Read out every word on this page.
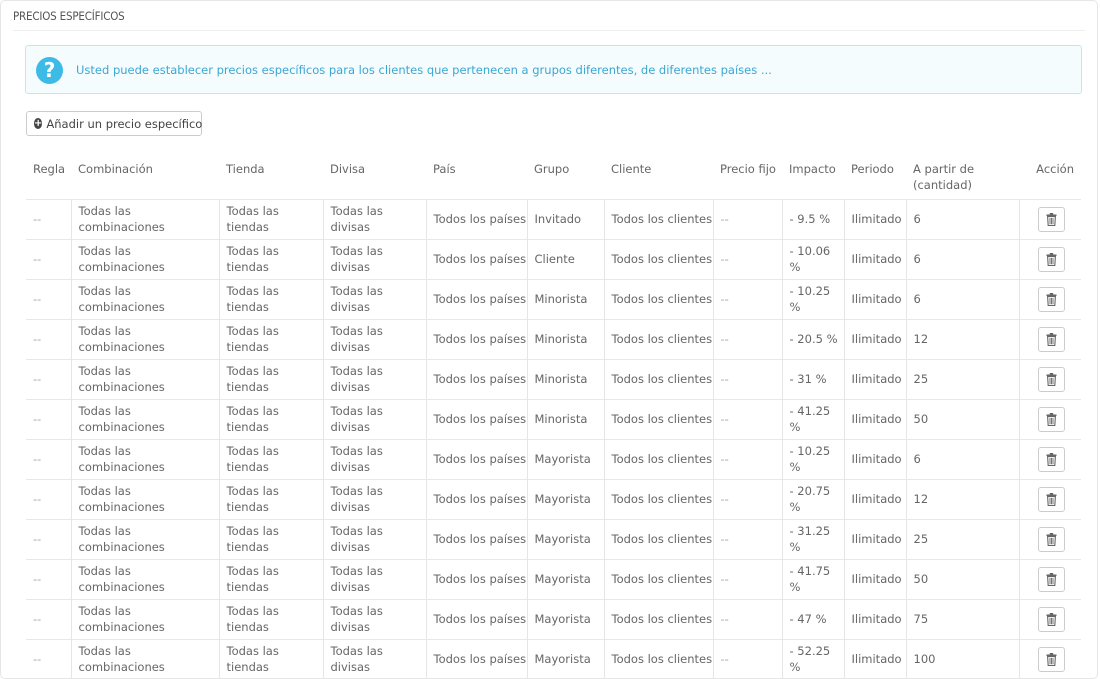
PRECIOS ESPECÍFICOS
?	Usted puede establecer precios específicos para los clientes que pertenecen a grupos diferentes, de diferentes países ...
+ Añadir un precio específico
Regla	Combinación	Tienda	Divisa	País	Grupo	Cliente	Precio fijo	Impacto	Periodo	A partir de (cantidad)	Acción
--	Todas las combinaciones	Todas las tiendas	Todas las divisas	Todos los países	Invitado	Todos los clientes	--	- 9.5 %	Ilimitado	6	

--	Todas las combinaciones	Todas las tiendas	Todas las divisas	Todos los países	Cliente	Todos los clientes	--	- 10.06 %	Ilimitado	6	

--	Todas las combinaciones	Todas las tiendas	Todas las divisas	Todos los países	Minorista	Todos los clientes	--	- 10.25 %	Ilimitado	6	

--	Todas las combinaciones	Todas las tiendas	Todas las divisas	Todos los países	Minorista	Todos los clientes	--	- 20.5 %	Ilimitado	12	

--	Todas las combinaciones	Todas las tiendas	Todas las divisas	Todos los países	Minorista	Todos los clientes	--	- 31 %	Ilimitado	25	

--	Todas las combinaciones	Todas las tiendas	Todas las divisas	Todos los países	Minorista	Todos los clientes	--	- 41.25 %	Ilimitado	50	

--	Todas las combinaciones	Todas las tiendas	Todas las divisas	Todos los países	Mayorista	Todos los clientes	--	- 10.25 %	Ilimitado	6	

--	Todas las combinaciones	Todas las tiendas	Todas las divisas	Todos los países	Mayorista	Todos los clientes	--	- 20.75 %	Ilimitado	12	

--	Todas las combinaciones	Todas las tiendas	Todas las divisas	Todos los países	Mayorista	Todos los clientes	--	- 31.25 %	Ilimitado	25	

--	Todas las combinaciones	Todas las tiendas	Todas las divisas	Todos los países	Mayorista	Todos los clientes	--	- 41.75 %	Ilimitado	50	

--	Todas las combinaciones	Todas las tiendas	Todas las divisas	Todos los países	Mayorista	Todos los clientes	--	- 47 %	Ilimitado	75	

--	Todas las combinaciones	Todas las tiendas	Todas las divisas	Todos los países	Mayorista	Todos los clientes	--	- 52.25 %	Ilimitado	100	
